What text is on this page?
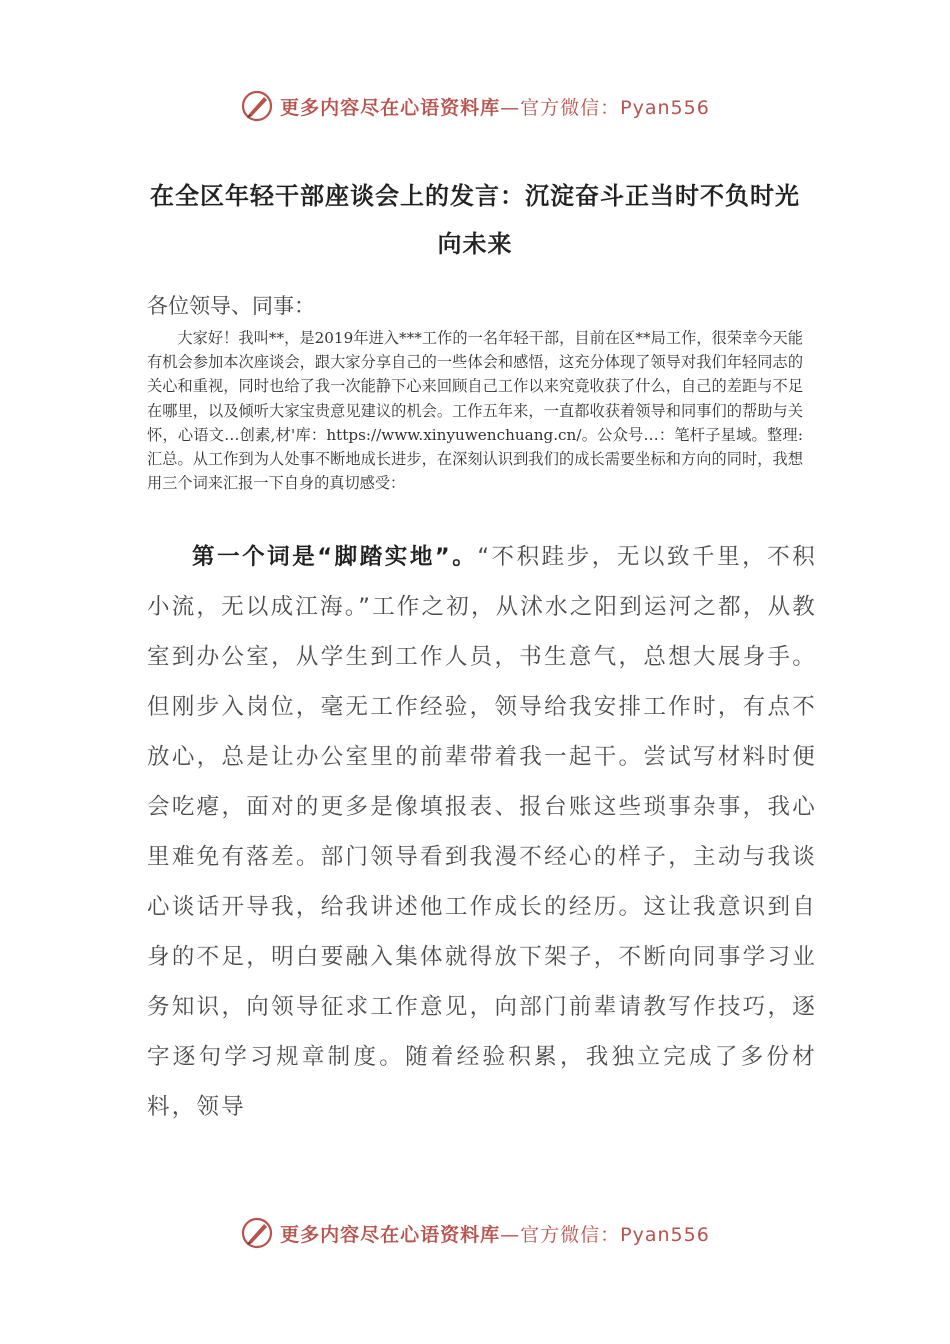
更多内容尽在心语资料库 —官方微信：Pyan556
在全区年轻干部座谈会上的发言：沉淀奋斗正当时不负时光向未来
各位领导、同事：
大家好！我叫**，是2019年进入***工作的一名年轻干部，目前在区**局工作，很荣幸今天能有机会参加本次座谈会，跟大家分享自己的一些体会和感悟，这充分体现了领导对我们年轻同志的关心和重视，同时也给了我一次能静下心来回顾自己工作以来究竟收获了什么，自己的差距与不足在哪里，以及倾听大家宝贵意见建议的机会。工作五年来，一直都收获着领导和同事们的帮助与关怀，心语文…创素,材'库：https://www.xinyuwenchuang.cn/。公众号…：笔杆子星域。整理:汇总。从工作到为人处事不断地成长进步，在深刻认识到我们的成长需要坐标和方向的同时，我想用三个词来汇报一下自身的真切感受：
第一个词是“脚踏实地”。“不积跬步，无以致千里，不积小流，无以成江海。”工作之初，从沭水之阳到运河之都，从教室到办公室，从学生到工作人员，书生意气，总想大展身手。但刚步入岗位，毫无工作经验，领导给我安排工作时，有点不放心，总是让办公室里的前辈带着我一起干。尝试写材料时便会吃瘪，面对的更多是像填报表、报台账这些琐事杂事，我心里难免有落差。部门领导看到我漫不经心的样子，主动与我谈心谈话开导我，给我讲述他工作成长的经历。这让我意识到自身的不足，明白要融入集体就得放下架子，不断向同事学习业务知识，向领导征求工作意见，向部门前辈请教写作技巧，逐字逐句学习规章制度。随着经验积累，我独立完成了多份材料，领导
更多内容尽在心语资料库 —官方微信：Pyan556
